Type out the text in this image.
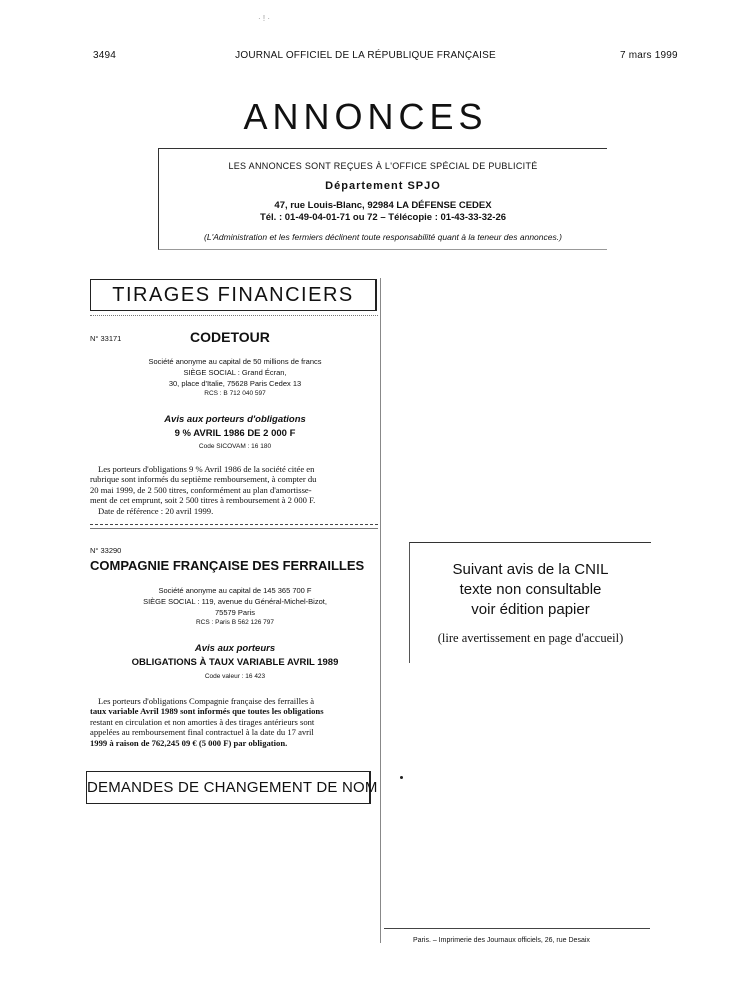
· ! ·
3494	JOURNAL OFFICIEL DE LA RÉPUBLIQUE FRANÇAISE	7 mars 1999
ANNONCES
LES ANNONCES SONT REÇUES À L'OFFICE SPÉCIAL DE PUBLICITÉ
Département SPJO
47, rue Louis-Blanc, 92984 LA DÉFENSE CEDEX
Tél. : 01-49-04-01-71 ou 72 – Télécopie : 01-43-33-32-26
(L'Administration et les fermiers déclinent toute responsabilité quant à la teneur des annonces.)
TIRAGES FINANCIERS
N° 33171	CODETOUR
Société anonyme au capital de 50 millions de francs
SIÈGE SOCIAL : Grand Écran,
30, place d'Italie, 75628 Paris Cedex 13
RCS : B 712 040 597
Avis aux porteurs d'obligations
9 % AVRIL 1986 DE 2 000 F
Code SICOVAM : 16 180
Les porteurs d'obligations 9 % Avril 1986 de la société citée en
rubrique sont informés du septième remboursement, à compter du
20 mai 1999, de 2 500 titres, conformément au plan d'amortisse-
ment de cet emprunt, soit 2 500 titres à remboursement à 2 000 F.
Date de référence : 20 avril 1999.
N° 33290
COMPAGNIE FRANÇAISE DES FERRAILLES
Société anonyme au capital de 145 365 700 F
SIÈGE SOCIAL : 119, avenue du Général-Michel-Bizot,
75579 Paris
RCS : Paris B 562 126 797
Avis aux porteurs
OBLIGATIONS À TAUX VARIABLE AVRIL 1989
Code valeur : 16 423
Les porteurs d'obligations Compagnie française des ferrailles à
taux variable Avril 1989 sont informés que toutes les obligations
restant en circulation et non amorties à des tirages antérieurs sont
appelées au remboursement final contractuel à la date du 17 avril
1999 à raison de 762,245 09 € (5 000 F) par obligation.
DEMANDES DE CHANGEMENT DE NOM
Suivant avis de la CNIL
texte non consultable
voir édition papier
(lire avertissement en page d'accueil)
Paris. – Imprimerie des Journaux officiels, 26, rue Desaix
